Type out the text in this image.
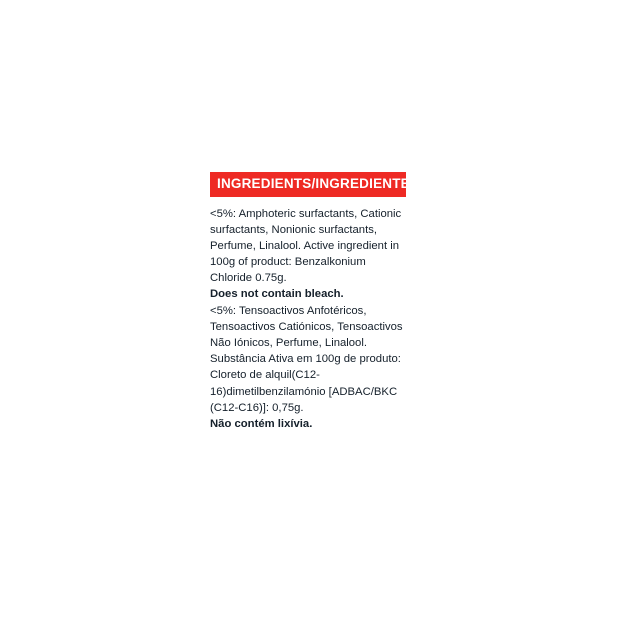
INGREDIENTS/INGREDIENTES

<5%: Amphoteric surfactants, Cationic surfactants, Nonionic surfactants, Perfume, Linalool. Active ingredient in 100g of product: Benzalkonium Chloride 0.75g.

Does not contain bleach.

<5%: Tensoactivos Anfotéricos, Tensoactivos Catiónicos, Tensoactivos Não Iónicos, Perfume, Linalool. Substância Ativa em 100g de produto: Cloreto de alquil(C12-16)dimetilbenzilamónio [ADBAC/BKC (C12-C16)]: 0,75g.

Não contém lixívia.
